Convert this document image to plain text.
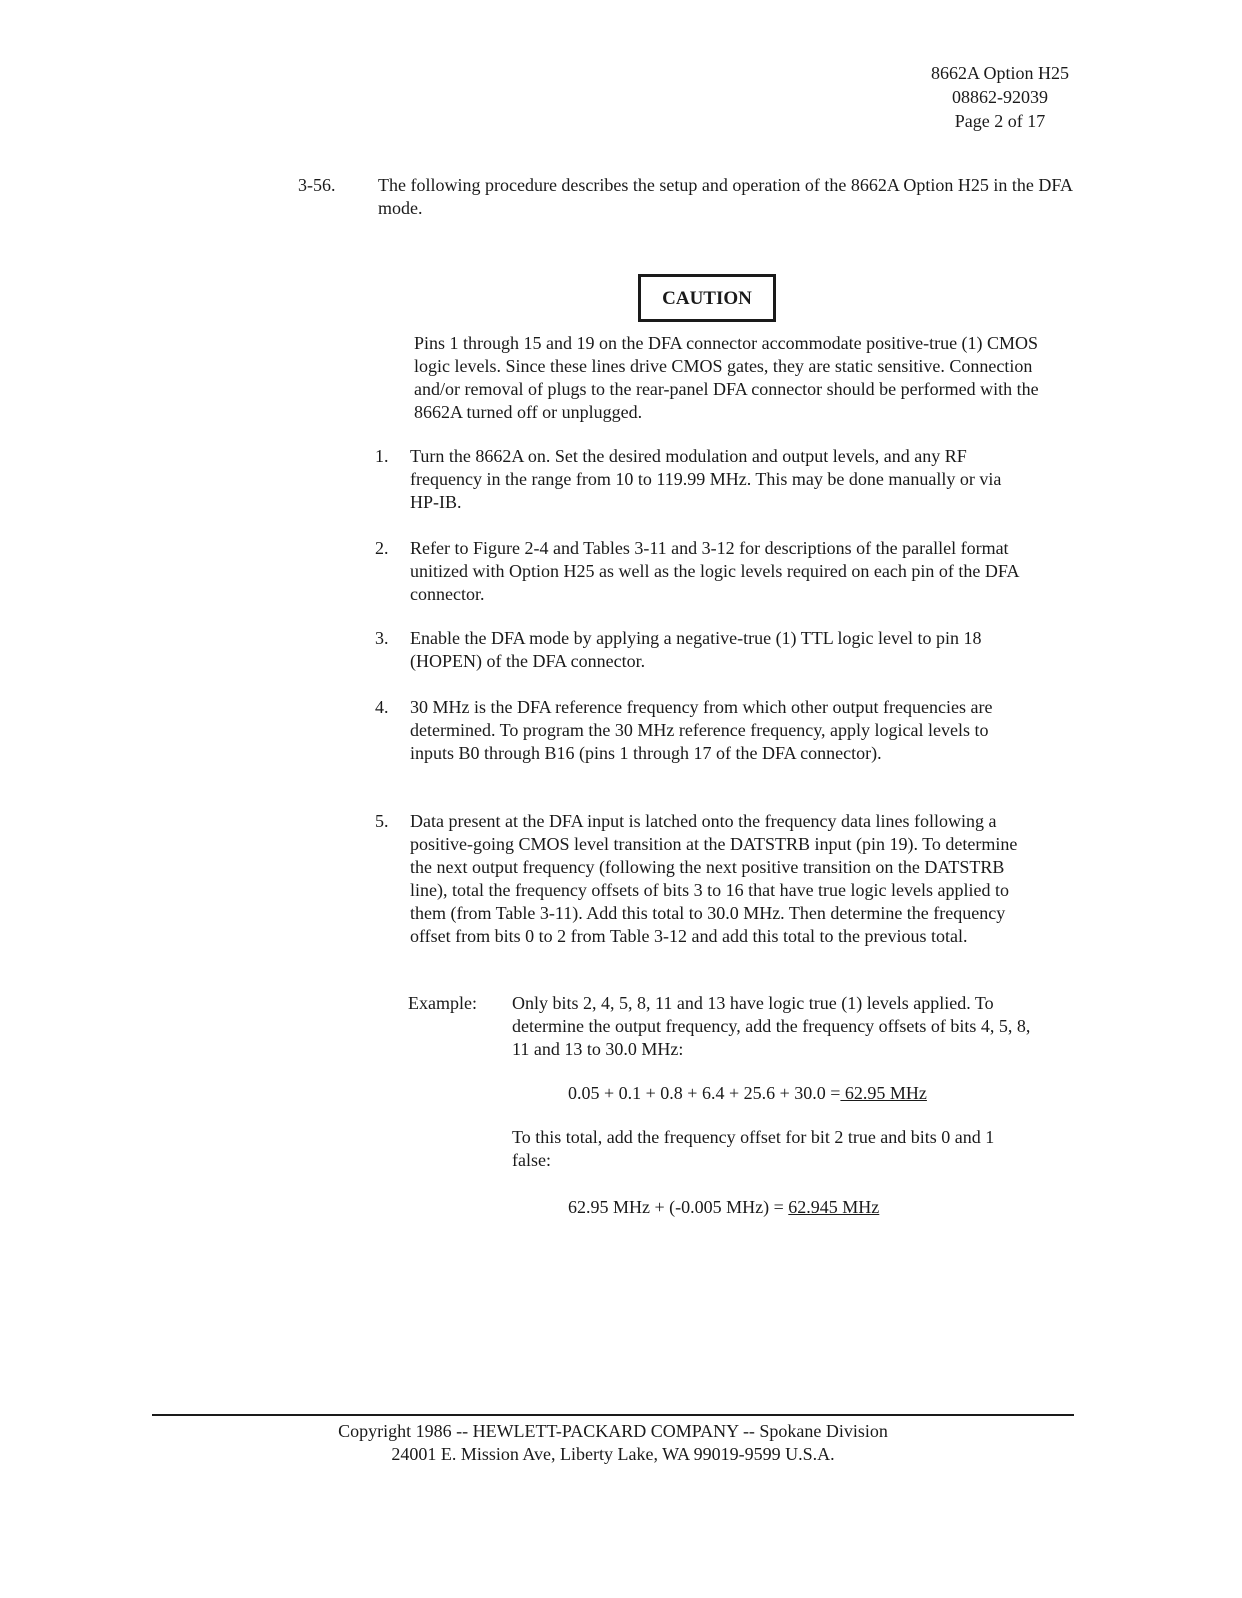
8662A Option H25
08862-92039
Page 2 of 17
3-56. The following procedure describes the setup and operation of the 8662A Option H25 in the DFA mode.
CAUTION
Pins 1 through 15 and 19 on the DFA connector accommodate positive-true (1) CMOS logic levels. Since these lines drive CMOS gates, they are static sensitive. Connection and/or removal of plugs to the rear-panel DFA connector should be performed with the 8662A turned off or unplugged.
1.	Turn the 8662A on. Set the desired modulation and output levels, and any RF frequency in the range from 10 to 119.99 MHz. This may be done manually or via HP-IB.
2.	Refer to Figure 2-4 and Tables 3-11 and 3-12 for descriptions of the parallel format unitized with Option H25 as well as the logic levels required on each pin of the DFA connector.
3.	Enable the DFA mode by applying a negative-true (1) TTL logic level to pin 18 (HOPEN) of the DFA connector.
4.	30 MHz is the DFA reference frequency from which other output frequencies are determined. To program the 30 MHz reference frequency, apply logical levels to inputs B0 through B16 (pins 1 through 17 of the DFA connector).
5.	Data present at the DFA input is latched onto the frequency data lines following a positive-going CMOS level transition at the DATSTRB input (pin 19). To determine the next output frequency (following the next positive transition on the DATSTRB line), total the frequency offsets of bits 3 to 16 that have true logic levels applied to them (from Table 3-11). Add this total to 30.0 MHz. Then determine the frequency offset from bits 0 to 2 from Table 3-12 and add this total to the previous total.
Example: Only bits 2, 4, 5, 8, 11 and 13 have logic true (1) levels applied. To determine the output frequency, add the frequency offsets of bits 4, 5, 8, 11 and 13 to 30.0 MHz:
0.05 + 0.1 + 0.8 + 6.4 + 25.6 + 30.0 = 62.95 MHz
To this total, add the frequency offset for bit 2 true and bits 0 and 1 false:
62.95 MHz + (-0.005 MHz) = 62.945 MHz
Copyright 1986 -- HEWLETT-PACKARD COMPANY -- Spokane Division
24001 E. Mission Ave, Liberty Lake, WA 99019-9599 U.S.A.
